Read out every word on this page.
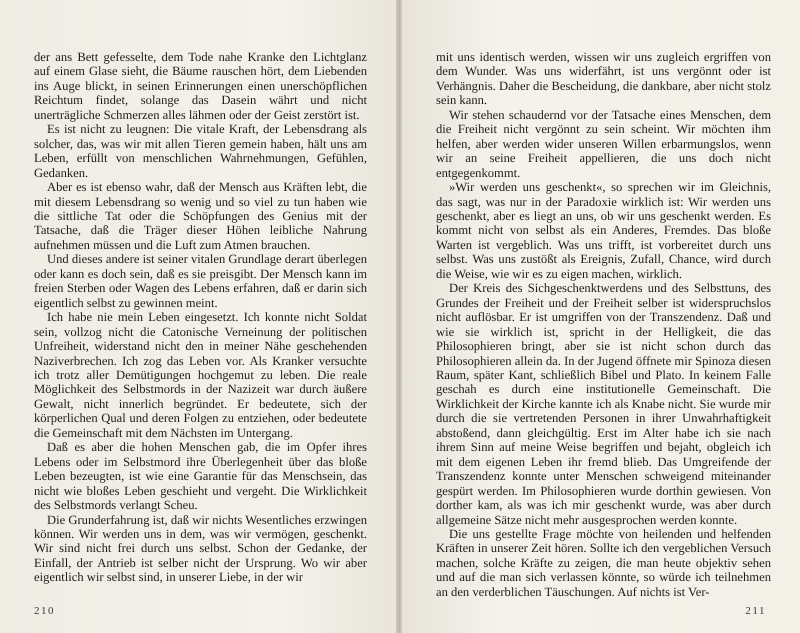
der ans Bett gefesselte, dem Tode nahe Kranke den Lichtglanz auf einem Glase sieht, die Bäume rauschen hört, dem Liebenden ins Auge blickt, in seinen Erinnerungen einen unerschöpflichen Reichtum findet, solange das Dasein währt und nicht unerträgliche Schmerzen alles lähmen oder der Geist zerstört ist.

Es ist nicht zu leugnen: Die vitale Kraft, der Lebensdrang als solcher, das, was wir mit allen Tieren gemein haben, hält uns am Leben, erfüllt von menschlichen Wahrnehmungen, Gefühlen, Gedanken.

Aber es ist ebenso wahr, daß der Mensch aus Kräften lebt, die mit diesem Lebensdrang so wenig und so viel zu tun haben wie die sittliche Tat oder die Schöpfungen des Genius mit der Tatsache, daß die Träger dieser Höhen leibliche Nahrung aufnehmen müssen und die Luft zum Atmen brauchen.

Und dieses andere ist seiner vitalen Grundlage derart überlegen oder kann es doch sein, daß es sie preisgibt. Der Mensch kann im freien Sterben oder Wagen des Lebens erfahren, daß er darin sich eigentlich selbst zu gewinnen meint.

Ich habe nie mein Leben eingesetzt. Ich konnte nicht Soldat sein, vollzog nicht die Catonische Verneinung der politischen Unfreiheit, widerstand nicht den in meiner Nähe geschehenden Naziverbrechen. Ich zog das Leben vor. Als Kranker versuchte ich trotz aller Demütigungen hochgemut zu leben. Die reale Möglichkeit des Selbstmords in der Nazizeit war durch äußere Gewalt, nicht innerlich begründet. Er bedeutete, sich der körperlichen Qual und deren Folgen zu entziehen, oder bedeutete die Gemeinschaft mit dem Nächsten im Untergang.

Daß es aber die hohen Menschen gab, die im Opfer ihres Lebens oder im Selbstmord ihre Überlegenheit über das bloße Leben bezeugten, ist wie eine Garantie für das Menschsein, das nicht wie bloßes Leben geschieht und vergeht. Die Wirklichkeit des Selbstmords verlangt Scheu.

Die Grunderfahrung ist, daß wir nichts Wesentliches erzwingen können. Wir werden uns in dem, was wir vermögen, geschenkt. Wir sind nicht frei durch uns selbst. Schon der Gedanke, der Einfall, der Antrieb ist selber nicht der Ursprung. Wo wir aber eigentlich wir selbst sind, in unserer Liebe, in der wir

210

mit uns identisch werden, wissen wir uns zugleich ergriffen von dem Wunder. Was uns widerfährt, ist uns vergönnt oder ist Verhängnis. Daher die Bescheidung, die dankbare, aber nicht stolz sein kann.

Wir stehen schaudernd vor der Tatsache eines Menschen, dem die Freiheit nicht vergönnt zu sein scheint. Wir möchten ihm helfen, aber werden wider unseren Willen erbarmungslos, wenn wir an seine Freiheit appellieren, die uns doch nicht entgegenkommt.

»Wir werden uns geschenkt«, so sprechen wir im Gleichnis, das sagt, was nur in der Paradoxie wirklich ist: Wir werden uns geschenkt, aber es liegt an uns, ob wir uns geschenkt werden. Es kommt nicht von selbst als ein Anderes, Fremdes. Das bloße Warten ist vergeblich. Was uns trifft, ist vorbereitet durch uns selbst. Was uns zustößt als Ereignis, Zufall, Chance, wird durch die Weise, wie wir es zu eigen machen, wirklich.

Der Kreis des Sichgeschenktwerdens und des Selbsttuns, des Grundes der Freiheit und der Freiheit selber ist widerspruchslos nicht auflösbar. Er ist umgriffen von der Transzendenz. Daß und wie sie wirklich ist, spricht in der Helligkeit, die das Philosophieren bringt, aber sie ist nicht schon durch das Philosophieren allein da. In der Jugend öffnete mir Spinoza diesen Raum, später Kant, schließlich Bibel und Plato. In keinem Falle geschah es durch eine institutionelle Gemeinschaft. Die Wirklichkeit der Kirche kannte ich als Knabe nicht. Sie wurde mir durch die sie vertretenden Personen in ihrer Unwahrhaftigkeit abstoßend, dann gleichgültig. Erst im Alter habe ich sie nach ihrem Sinn auf meine Weise begriffen und bejaht, obgleich ich mit dem eigenen Leben ihr fremd blieb. Das Umgreifende der Transzendenz konnte unter Menschen schweigend miteinander gespürt werden. Im Philosophieren wurde dorthin gewiesen. Von dorther kam, als was ich mir geschenkt wurde, was aber durch allgemeine Sätze nicht mehr ausgesprochen werden konnte.

Die uns gestellte Frage möchte von heilenden und helfenden Kräften in unserer Zeit hören. Sollte ich den vergeblichen Versuch machen, solche Kräfte zu zeigen, die man heute objektiv sehen und auf die man sich verlassen könnte, so würde ich teilnehmen an den verderblichen Täuschungen. Auf nichts ist Ver-

211
